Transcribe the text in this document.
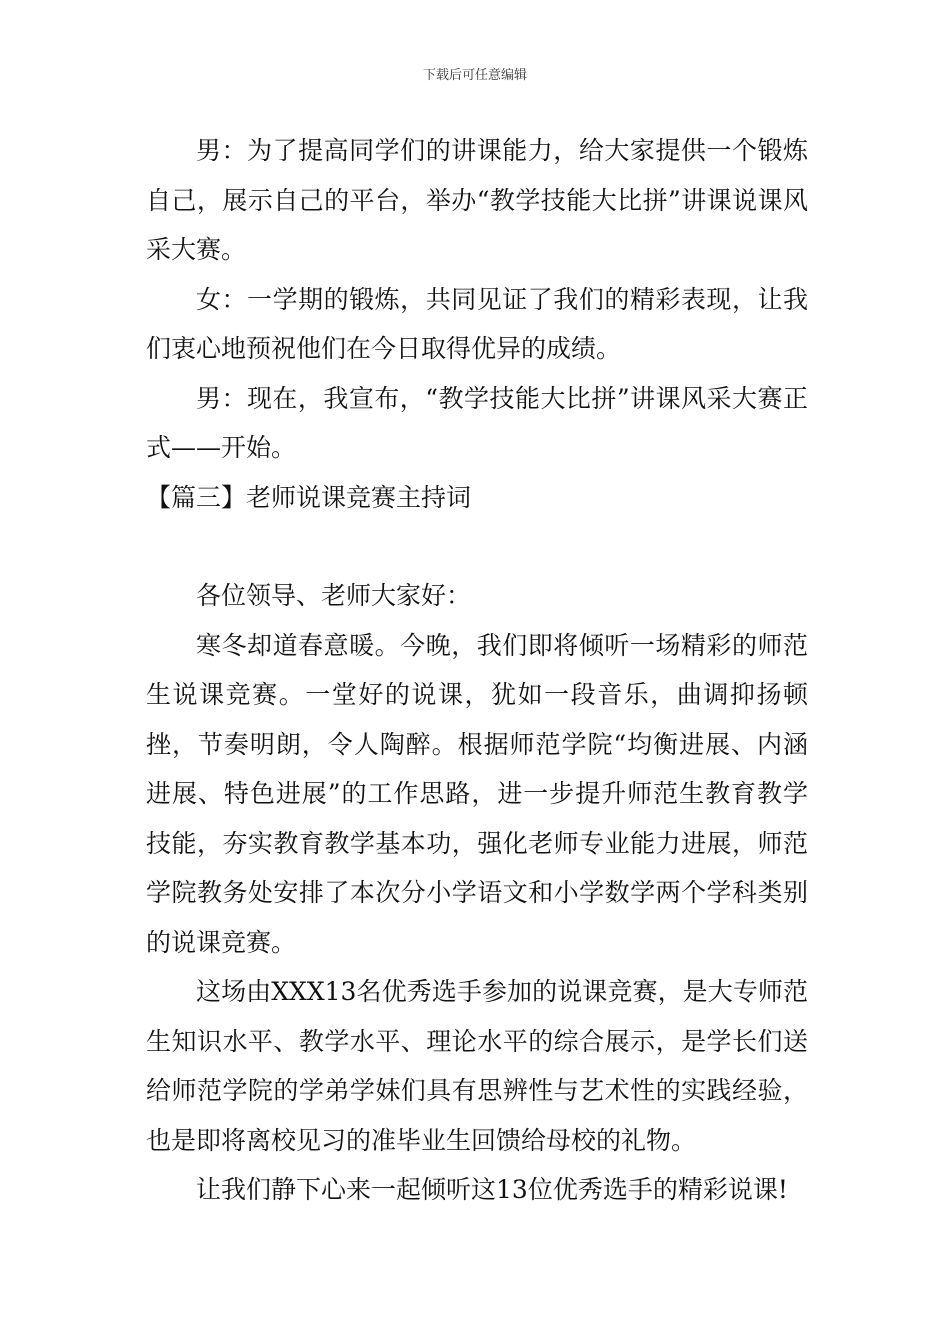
下载后可任意编辑

男：为了提高同学们的讲课能力，给大家提供一个锻炼自己，展示自己的平台，举办“教学技能大比拼”讲课说课风采大赛。

女：一学期的锻炼，共同见证了我们的精彩表现，让我们衷心地预祝他们在今日取得优异的成绩。

男：现在，我宣布，“教学技能大比拼”讲课风采大赛正式——开始。

【篇三】老师说课竞赛主持词

各位领导、老师大家好：

寒冬却道春意暖。今晚，我们即将倾听一场精彩的师范生说课竞赛。一堂好的说课，犹如一段音乐，曲调抑扬顿挫，节奏明朗，令人陶醉。根据师范学院“均衡进展、内涵进展、特色进展”的工作思路，进一步提升师范生教育教学技能，夯实教育教学基本功，强化老师专业能力进展，师范学院教务处安排了本次分小学语文和小学数学两个学科类别的说课竞赛。

这场由XXX13名优秀选手参加的说课竞赛，是大专师范生知识水平、教学水平、理论水平的综合展示，是学长们送给师范学院的学弟学妹们具有思辨性与艺术性的实践经验，也是即将离校见习的准毕业生回馈给母校的礼物。

让我们静下心来一起倾听这13位优秀选手的精彩说课!
